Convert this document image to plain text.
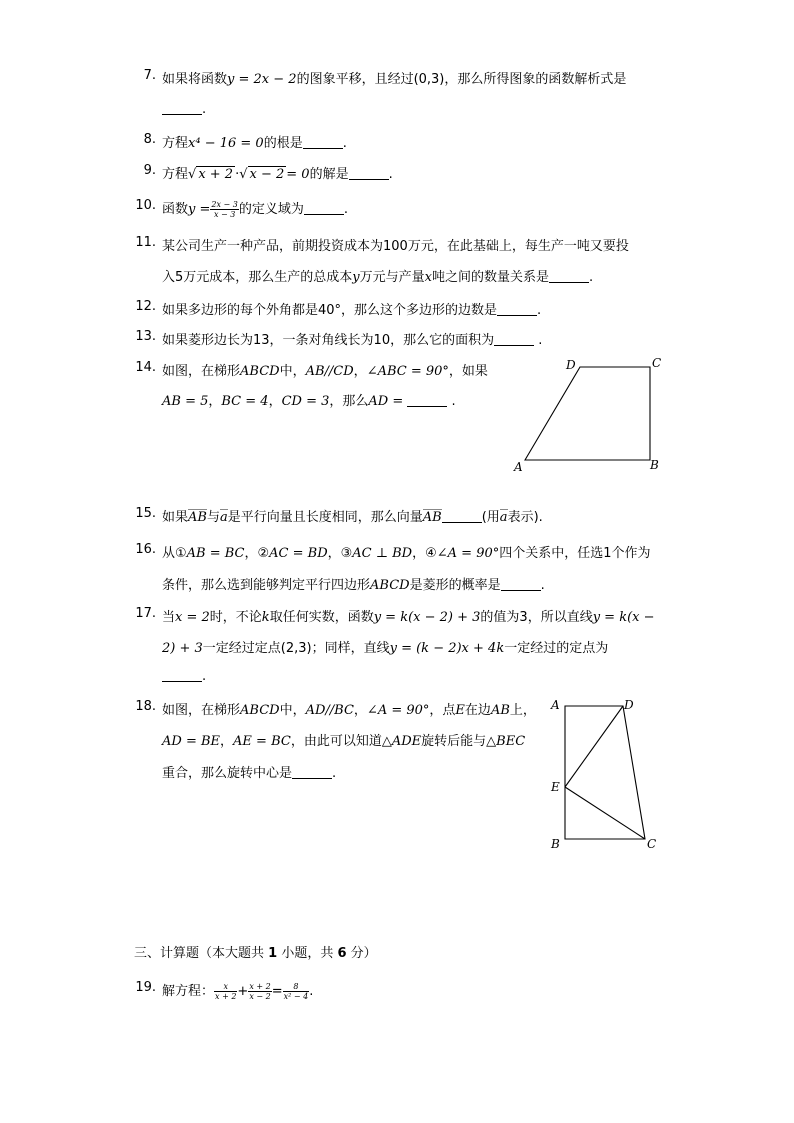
7. 如果将函数y = 2x − 2的图象平移，且经过(0,3)，那么所得图象的函数解析式是
.
8. 方程x⁴ − 16 = 0的根是	.
9. 方程√ x + 2 ·√ x − 2 = 0的解是	.
10. 函数$y = \frac{2x - 3}{x - 3}$ 的定义域为	.
11. 某公司生产一种产品，前期投资成本为100万元，在此基础上，每生产一吨又要投
入5万元成本，那么生产的总成本y万元与产量x吨之间的数量关系是	.
12. 如果多边形的每个外角都是40°，那么这个多边形的边数是	.
13. 如果菱形边长为13，一条对角线长为10，那么它的面积为	.
14. 如图，在梯形ABCD中，AB//CD，∠ABC = 90°，如果
AB = 5，BC = 4，CD = 3，那么AD =	.
A	B
C
D
15. 如果AB与a是平行向量且长度相同，那么向量AB	(用a表示).
16. 从①AB = BC，②AC = BD，③AC ⊥ BD，④∠A = 90°四个关系中，任选1个作为
条件，那么选到能够判定平行四边形ABCD是菱形的概率是	.
17. 当x = 2时，不论k取任何实数，函数y = k(x − 2) + 3的值为3，所以直线y = k(x −
2) + 3一定经过定点(2,3)；同样，直线y = (k − 2)x + 4k一定经过的定点为
.
18. 如图，在梯形ABCD中，AD//BC，∠A = 90°，点E在边AB上，
AD = BE，AE = BC，由此可以知道△ADE旋转后能与△BEC
重合，那么旋转中心是	.
A	D
E
B	C
三、计算题（本大题共 1 小题，共 6 分）
19. 解方程： $\frac{x}{x + 2} + \frac{x + 2}{x - 2} = \frac{8}{\text{x² − 4}}$ .
